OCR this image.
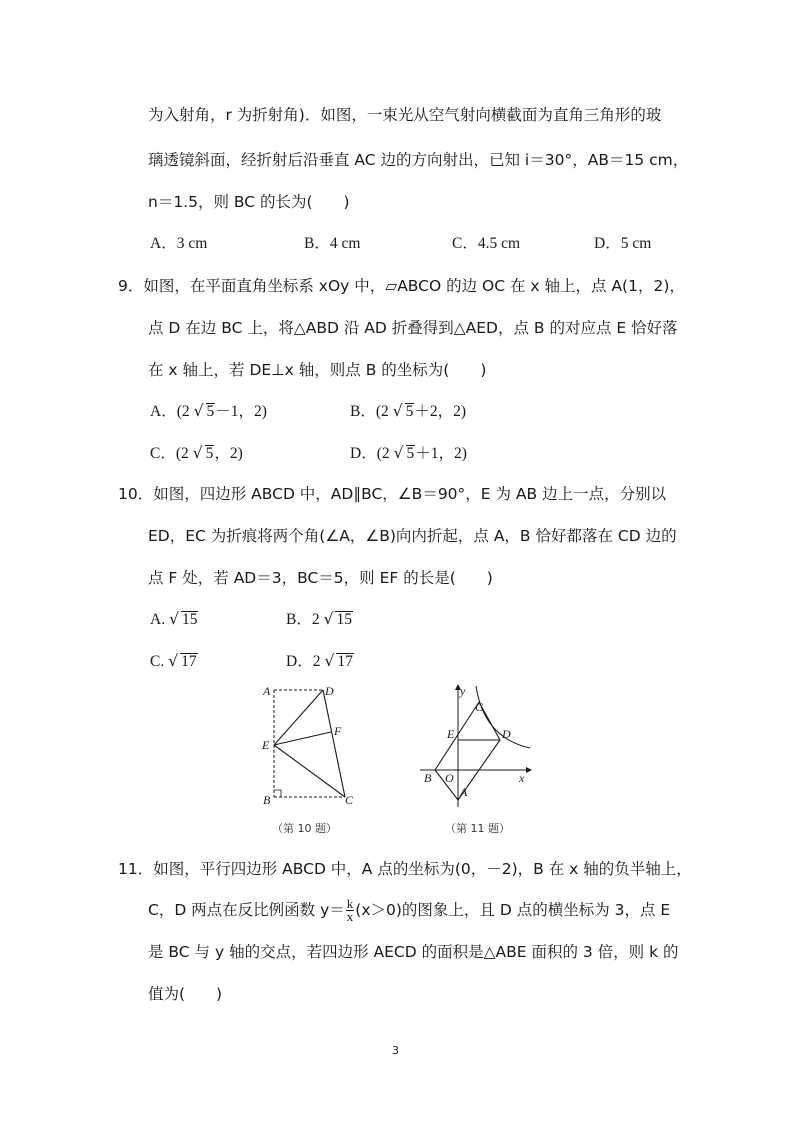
为入射角，r 为折射角)．如图，一束光从空气射向横截面为直角三角形的玻
璃透镜斜面，经折射后沿垂直 AC 边的方向射出，已知 i＝30°，AB＝15 cm，
n＝1.5，则 BC 的长为(　　)
A．3 cm	B．4 cm	C．4.5 cm	D．5 cm
9．如图，在平面直角坐标系 xOy 中，▱ABCO 的边 OC 在 x 轴上，点 A(1，2)，
点 D 在边 BC 上，将△ABD 沿 AD 折叠得到△AED，点 B 的对应点 E 恰好落
在 x 轴上，若 DE⊥x 轴，则点 B 的坐标为(　　)
A．(2 √ 5－1，2)	B．(2 √ 5＋2，2)
C．(2 √ 5，2)	D．(2 √ 5＋1，2)
10．如图，四边形 ABCD 中，AD∥BC，∠B＝90°，E 为 AB 边上一点，分别以
ED，EC 为折痕将两个角(∠A，∠B)向内折起，点 A，B 恰好都落在 CD 边的
点 F 处，若 AD＝3，BC＝5，则 EF 的长是(　　)
A. √ 15	B．2 √ 15
C. √ 17	D．2 √ 17
A	D
E
F
B	C
（第 10 题）
y
x
C
D
E
B O
A
（第 11 题）
11．如图，平行四边形 ABCD 中，A 点的坐标为(0，－2)，B 在 x 轴的负半轴上，
C，D 两点在反比例函数 $y= \frac{k}{x} (x>0)$的图象上，且 D 点的横坐标为 3，点 E
是 BC 与 y 轴的交点，若四边形 AECD 的面积是△ABE 面积的 3 倍，则 k 的
值为(　　)
3
